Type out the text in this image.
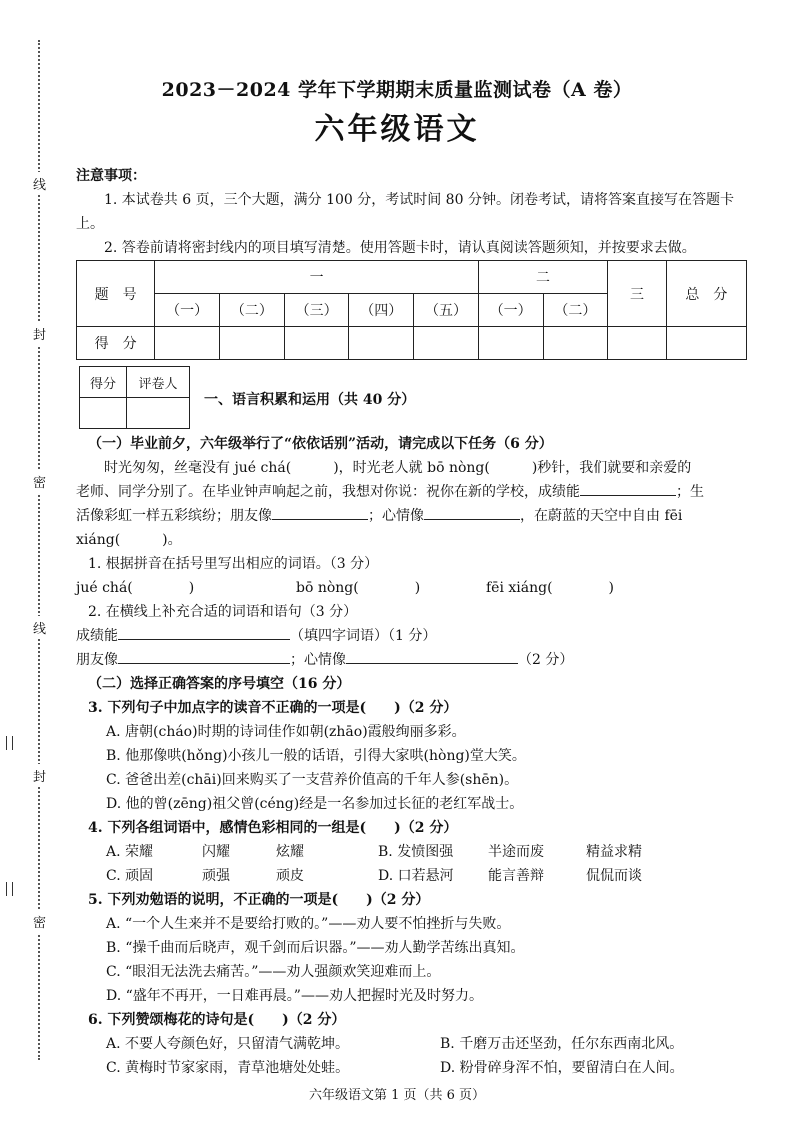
线
封
密
线
封
密
2023－2024 学年下学期期末质量监测试卷（A 卷）
六年级语文
注意事项：
1. 本试卷共 6 页，三个大题，满分 100 分，考试时间 80 分钟。闭卷考试，请将答案直接写在答题卡上。
2. 答卷前请将密封线内的项目填写清楚。使用答题卡时，请认真阅读答题须知，并按要求去做。
题　号	一					二		三	总　分
	（一）	（二）	（三）	（四）	（五）	（一）	（二）		
得　分									
得分	评卷人

一、语言积累和运用（共 40 分）
（一）毕业前夕，六年级举行了“依依话别”活动，请完成以下任务（6 分）
时光匆匆，丝毫没有 jué chá(　　　)，时光老人就 bō nòng(　　　)秒针，我们就要和亲爱的
老师、同学分别了。在毕业钟声响起之前，我想对你说：祝你在新的学校，成绩能	；生
活像彩虹一样五彩缤纷；朋友像	；心情像	，在蔚蓝的天空中自由 fēi
xiáng(　　　)。
1. 根据拼音在括号里写出相应的词语。（3 分）
jué chá(　　　　)	bō nòng(　　　　)	fēi xiáng(　　　　)
2. 在横线上补充合适的词语和语句（3 分）
成绩能	（填四字词语）（1 分）
朋友像	；心情像	（2 分）
（二）选择正确答案的序号填空（16 分）
3. 下列句子中加点字的读音不正确的一项是(　　)（2 分）
A. 唐朝(cháo)时期的诗词佳作如朝(zhāo)霞般绚丽多彩。
B. 他那像哄(hǒng)小孩儿一般的话语，引得大家哄(hòng)堂大笑。
C. 爸爸出差(chāi)回来购买了一支营养价值高的千年人参(shēn)。
D. 他的曾(zēng)祖父曾(céng)经是一名参加过长征的老红军战士。
4. 下列各组词语中，感情色彩相同的一组是(　　)（2 分）
A. 荣耀	闪耀	炫耀	B. 发愤图强 半途而废	精益求精
C. 顽固	顽强	顽皮	D. 口若悬河 能言善辩	侃侃而谈
5. 下列劝勉语的说明，不正确的一项是(　　)（2 分）
A. “一个人生来并不是要给打败的。”——劝人要不怕挫折与失败。
B. “操千曲而后晓声，观千剑而后识器。”——劝人勤学苦练出真知。
C. “眼泪无法洗去痛苦。”——劝人强颜欢笑迎难而上。
D. “盛年不再开，一日难再晨。”——劝人把握时光及时努力。
6. 下列赞颂梅花的诗句是(　　)（2 分）
A. 不要人夸颜色好，只留清气满乾坤。	B. 千磨万击还坚劲，任尔东西南北风。
C. 黄梅时节家家雨，青草池塘处处蛙。	D. 粉骨碎身浑不怕，要留清白在人间。
六年级语文第 1 页（共 6 页）
